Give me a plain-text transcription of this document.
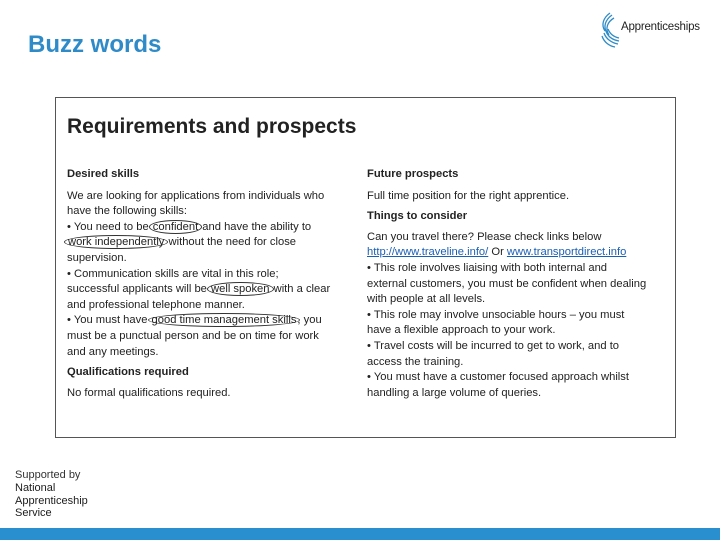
Buzz words
Apprenticeships
Requirements and prospects
Desired skills
We are looking for applications from individuals who
have the following skills:
• You need to be confident and have the ability to
work independently without the need for close
supervision.
• Communication skills are vital in this role;
successful applicants will be well spoken with a clear
and professional telephone manner.
• You must have good time management skills, you
must be a punctual person and be on time for work
and any meetings.
Qualifications required
No formal qualifications required.
Future prospects
Full time position for the right apprentice.
Things to consider
Can you travel there? Please check links below
http://www.traveline.info/ Or www.transportdirect.info
• This role involves liaising with both internal and
external customers, you must be confident when dealing
with people at all levels.
• This role may involve unsociable hours – you must
have a flexible approach to your work.
• Travel costs will be incurred to get to work, and to
access the training.
• You must have a customer focused approach whilst
handling a large volume of queries.
Supported by
National
Apprenticeship
Service
